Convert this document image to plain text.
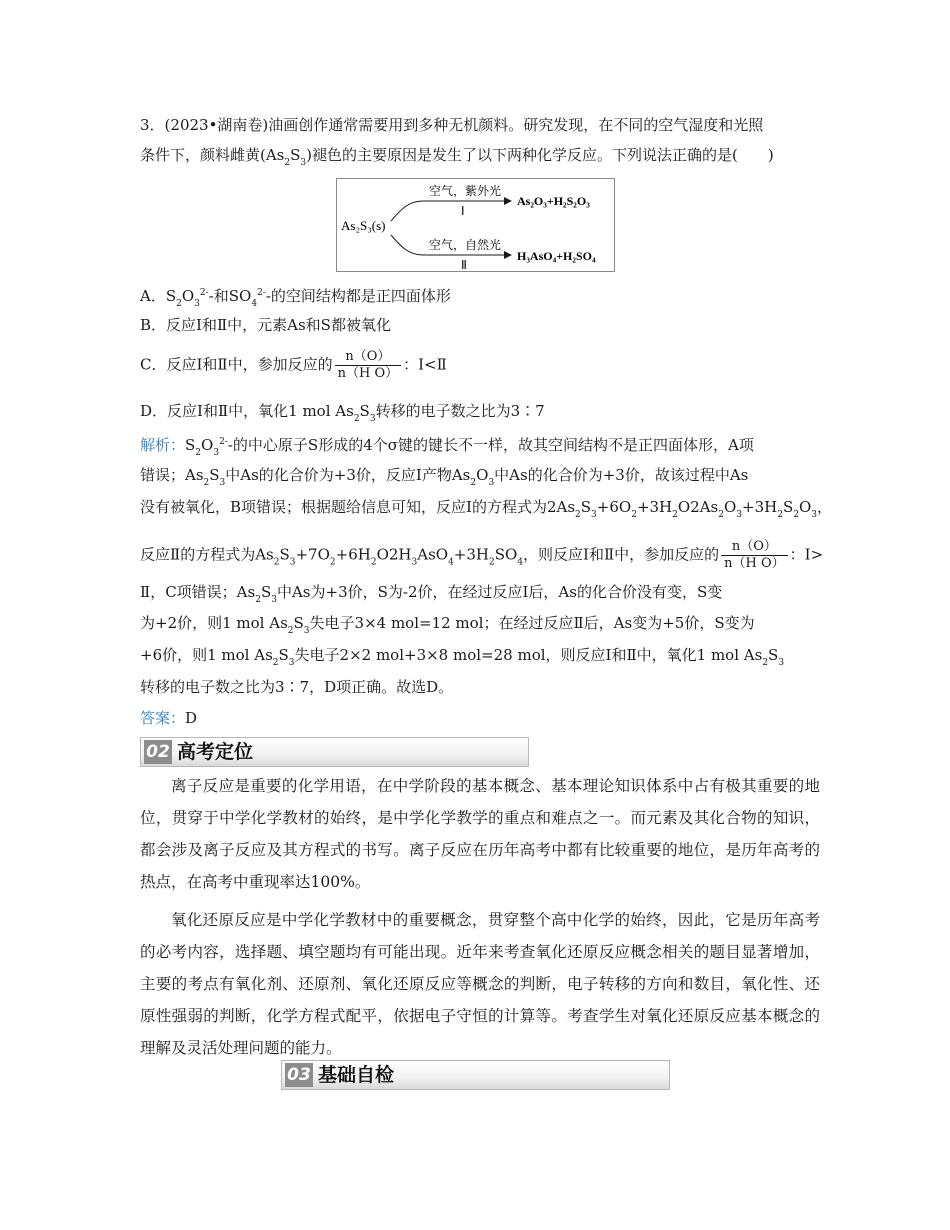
3．(2023•湖南卷)油画创作通常需要用到多种无机颜料。研究发现，在不同的空气湿度和光照
条件下，颜料雌黄$(As_2S_3)$褪色的主要原因是发生了以下两种化学反应。下列说法正确的是(　　)
As₂S₃(s)
空气，紫外光
Ⅰ
空气，自然光
Ⅱ
As₂O₃+H₂S₂O₃
H₃AsO₄+H₂SO₄
A．$S_2O_3^{2-}-$和$SO_4^{2-}-$的空间结构都是正四面体形
B．反应Ⅰ和Ⅱ中，元素As和S都被氧化
C．反应Ⅰ和Ⅱ中，参加反应的 $\frac{n(O)}{\text{n（H O）}}$ ：Ⅰ<Ⅱ
D．反应Ⅰ和Ⅱ中，氧化1 mol $As_2S_3$转移的电子数之比为3∶7
解析：$S_2O_3^{2-}-$的中心原子S形成的4个σ键的键长不一样，故其空间结构不是正四面体形，A项
错误；$As_2S_3$中As的化合价为+3价，反应Ⅰ产物$As_2O_3$中As的化合价为+3价，故该过程中As
没有被氧化，B项错误；根据题给信息可知，反应Ⅰ的方程式为$2As_2S_3+6O_2+3H_2O2As_2O_3+3H_2S_2O_3$，
反应Ⅱ的方程式为$As_2S_3+7O_2+6H_2O2H_3AsO_4+3H_2SO_4$，则反应Ⅰ和Ⅱ中，参加反应的 $\frac{n(O)}{\text{n（H O）}}$ ：Ⅰ>
Ⅱ，C项错误；$As_2S_3$中As为+3价，S为-2价，在经过反应Ⅰ后，As的化合价没有变，S变
为+2价，则1 mol $As_2S_3$失电子3×4 mol=12 mol；在经过反应Ⅱ后，As变为+5价，S变为
+6价，则1 mol $As_2S_3$失电子2×2 mol+3×8 mol=28 mol，则反应Ⅰ和Ⅱ中，氧化1 mol $As_2S_3$
转移的电子数之比为3∶7，D项正确。故选D。
答案：D
02 高考定位

离子反应是重要的化学用语，在中学阶段的基本概念、基本理论知识体系中占有极其重要的地位，贯穿于中学化学教材的始终，是中学化学教学的重点和难点之一。而元素及其化合物的知识，都会涉及离子反应及其方程式的书写。离子反应在历年高考中都有比较重要的地位，是历年高考的热点，在高考中重现率达100%。

氧化还原反应是中学化学教材中的重要概念，贯穿整个高中化学的始终，因此，它是历年高考的必考内容，选择题、填空题均有可能出现。近年来考查氧化还原反应概念相关的题目显著增加，主要的考点有氧化剂、还原剂、氧化还原反应等概念的判断，电子转移的方向和数目，氧化性、还原性强弱的判断，化学方程式配平，依据电子守恒的计算等。考查学生对氧化还原反应基本概念的理解及灵活处理问题的能力。

03 基础自检
